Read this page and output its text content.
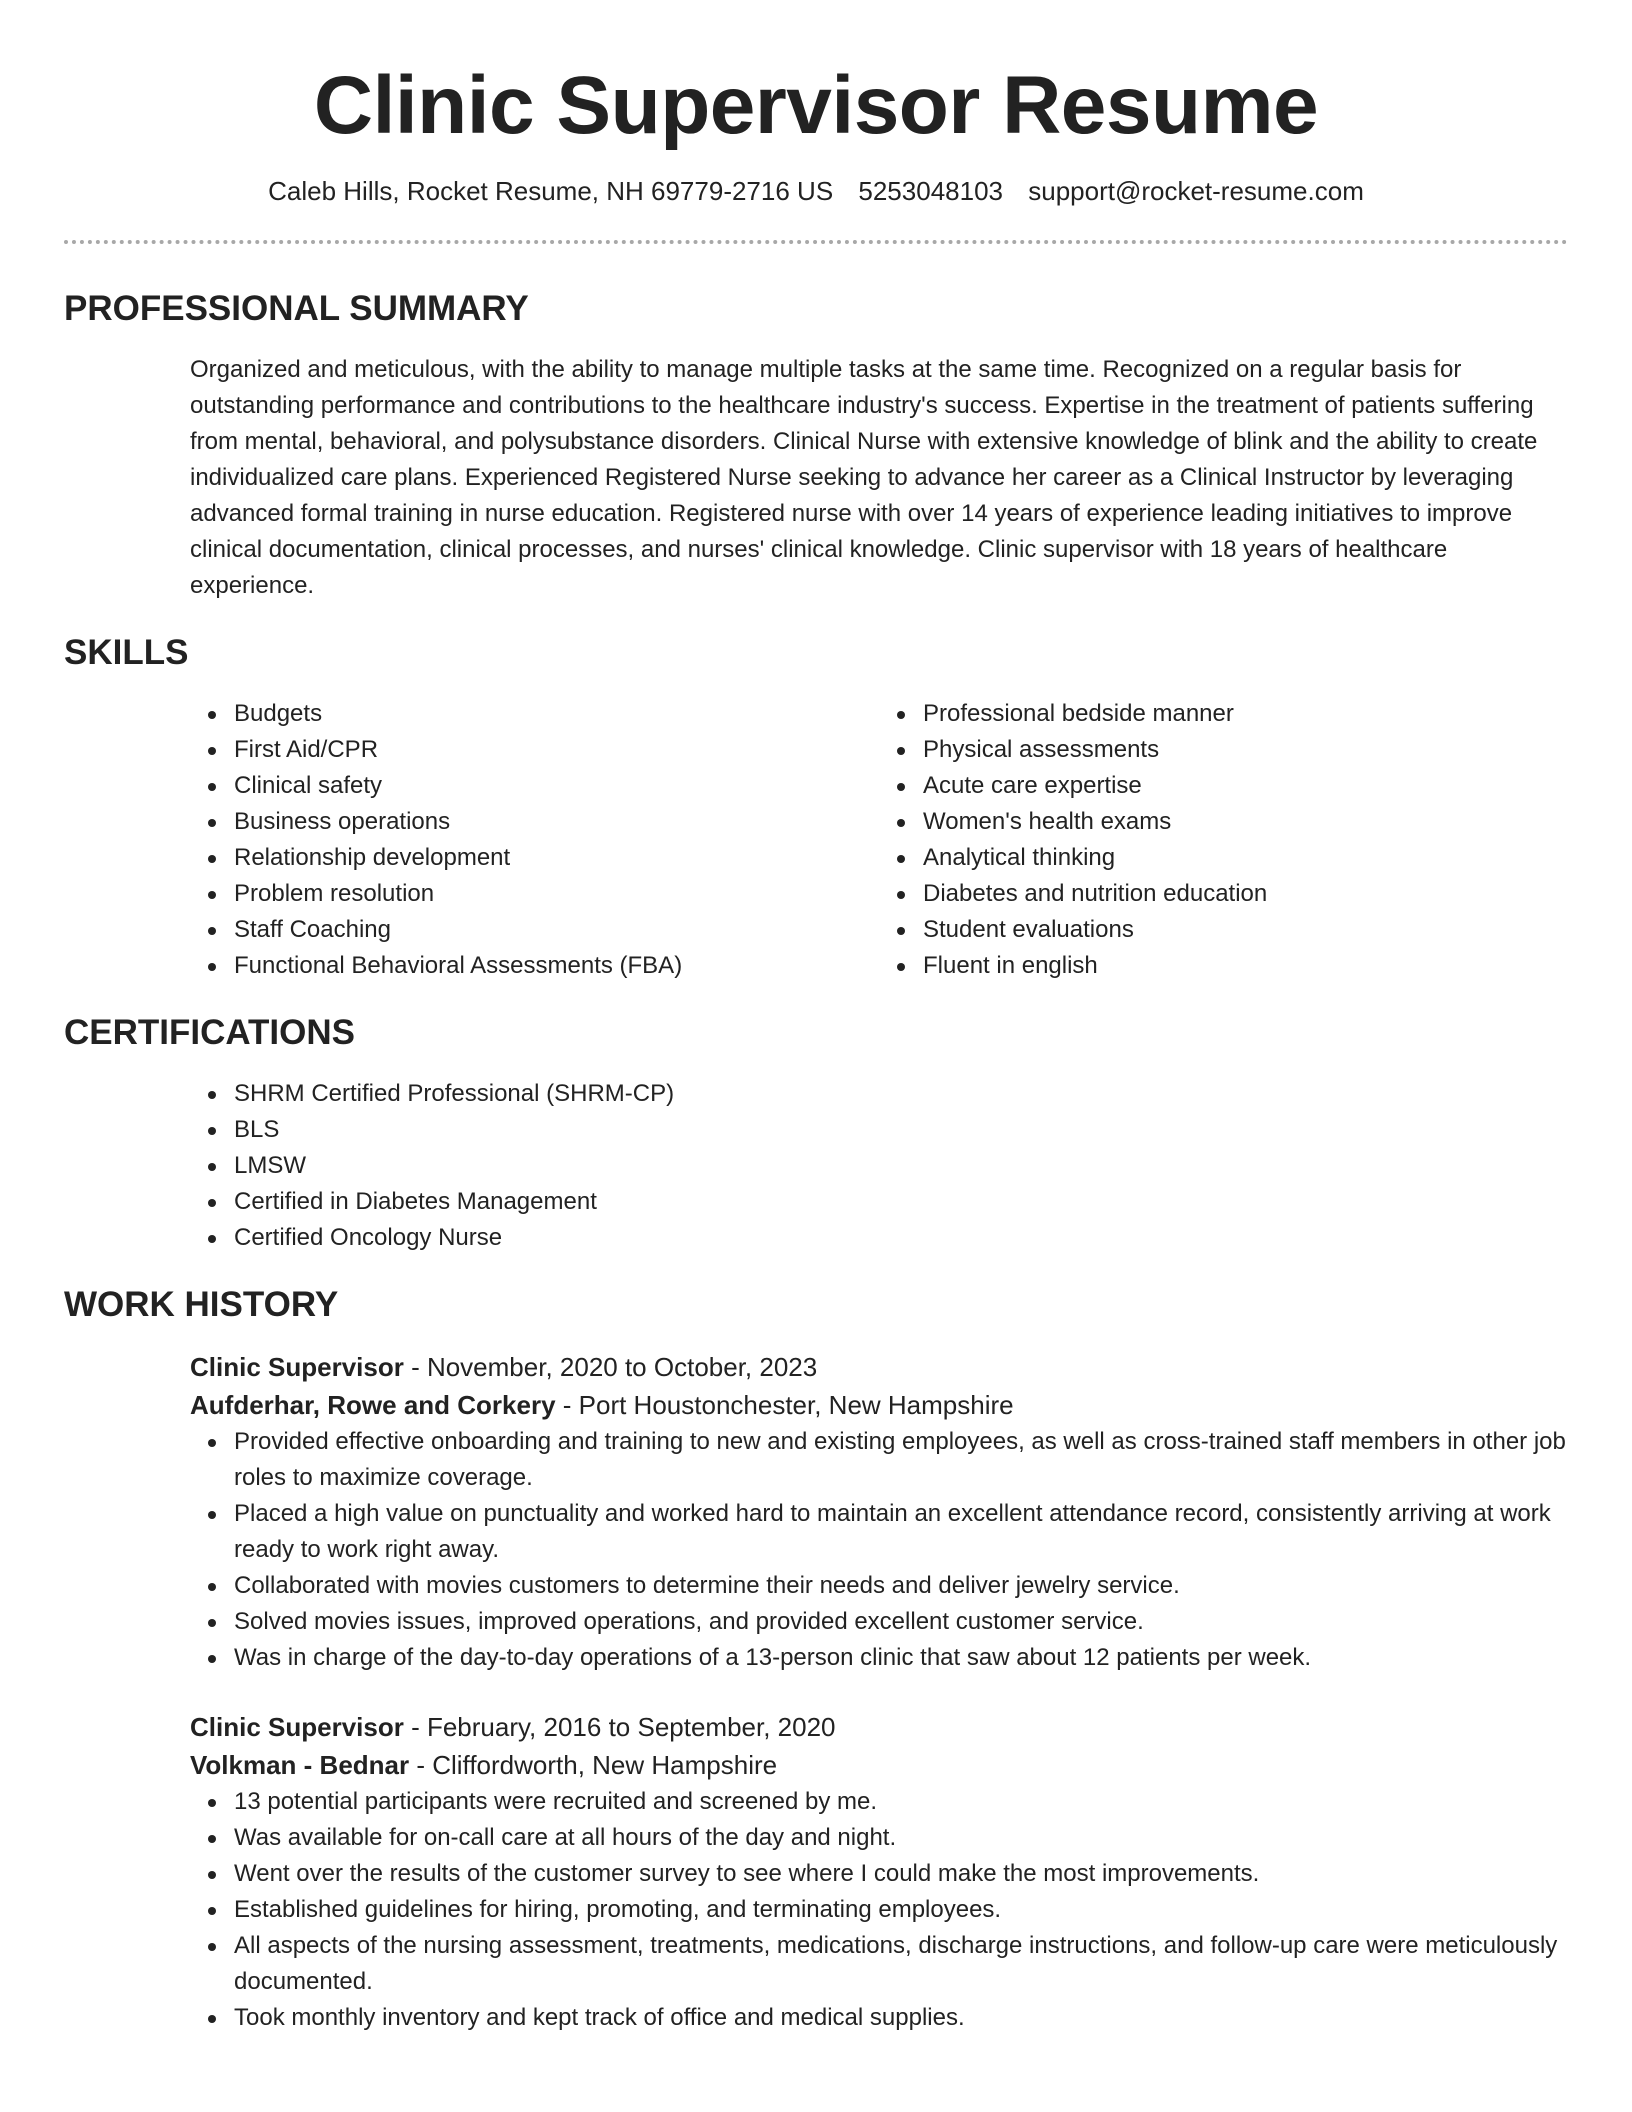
Clinic Supervisor Resume
Caleb Hills, Rocket Resume, NH 69779-2716 US 5253048103 support@rocket-resume.com
PROFESSIONAL SUMMARY

Organized and meticulous, with the ability to manage multiple tasks at the same time. Recognized on a regular basis for outstanding performance and contributions to the healthcare industry's success. Expertise in the treatment of patients suffering from mental, behavioral, and polysubstance disorders. Clinical Nurse with extensive knowledge of blink and the ability to create individualized care plans. Experienced Registered Nurse seeking to advance her career as a Clinical Instructor by leveraging advanced formal training in nurse education. Registered nurse with over 14 years of experience leading initiatives to improve clinical documentation, clinical processes, and nurses' clinical knowledge. Clinic supervisor with 18 years of healthcare experience.

SKILLS
Budgets
First Aid/CPR
Clinical safety
Business operations
Relationship development
Problem resolution
Staff Coaching
Functional Behavioral Assessments (FBA)
Professional bedside manner
Physical assessments
Acute care expertise
Women's health exams
Analytical thinking
Diabetes and nutrition education
Student evaluations
Fluent in english
CERTIFICATIONS
SHRM Certified Professional (SHRM-CP)
BLS
LMSW
Certified in Diabetes Management
Certified Oncology Nurse
WORK HISTORY
Clinic Supervisor - November, 2020 to October, 2023
Aufderhar, Rowe and Corkery - Port Houstonchester, New Hampshire
Provided effective onboarding and training to new and existing employees, as well as cross-trained staff members in other job roles to maximize coverage.
Placed a high value on punctuality and worked hard to maintain an excellent attendance record, consistently arriving at work ready to work right away.
Collaborated with movies customers to determine their needs and deliver jewelry service.
Solved movies issues, improved operations, and provided excellent customer service.
Was in charge of the day-to-day operations of a 13-person clinic that saw about 12 patients per week.
Clinic Supervisor - February, 2016 to September, 2020
Volkman - Bednar - Cliffordworth, New Hampshire
13 potential participants were recruited and screened by me.
Was available for on-call care at all hours of the day and night.
Went over the results of the customer survey to see where I could make the most improvements.
Established guidelines for hiring, promoting, and terminating employees.
All aspects of the nursing assessment, treatments, medications, discharge instructions, and follow-up care were meticulously documented.
Took monthly inventory and kept track of office and medical supplies.
